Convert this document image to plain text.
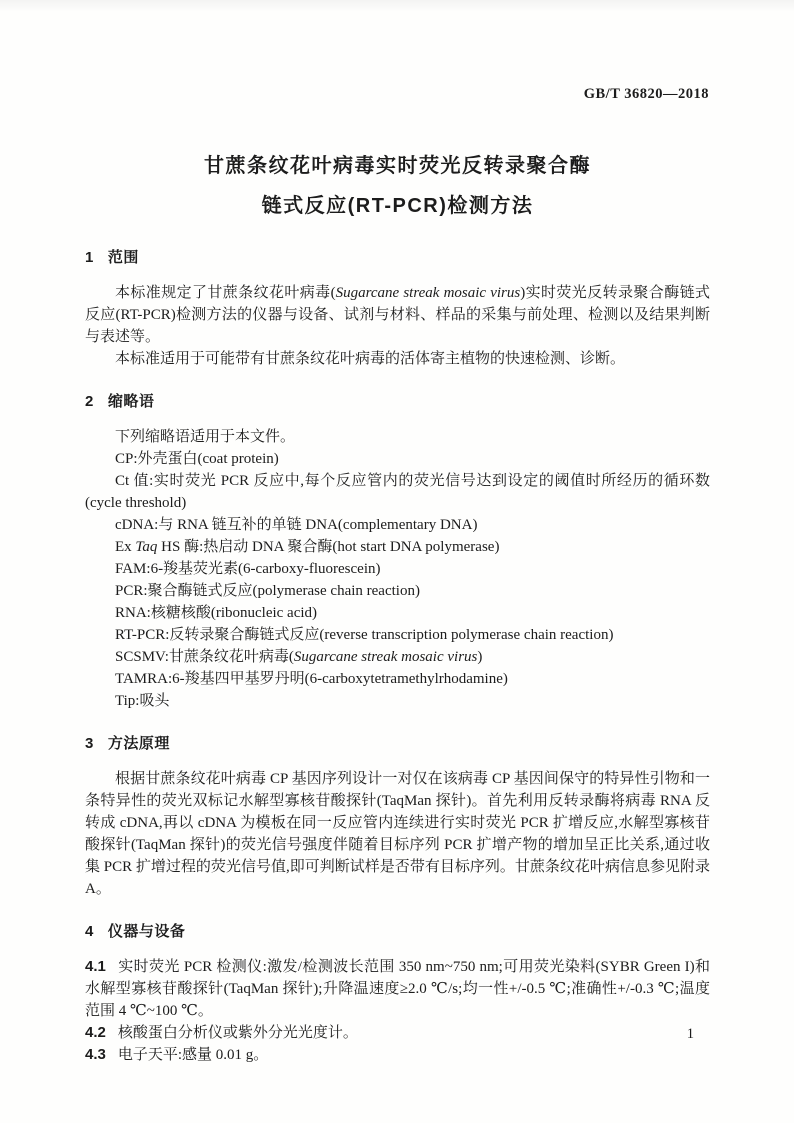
GB/T 36820—2018
甘蔗条纹花叶病毒实时荧光反转录聚合酶
链式反应(RT-PCR)检测方法
1 范围

本标准规定了甘蔗条纹花叶病毒(Sugarcane streak mosaic virus)实时荧光反转录聚合酶链式反应(RT-PCR)检测方法的仪器与设备、试剂与材料、样品的采集与前处理、检测以及结果判断与表述等。

本标准适用于可能带有甘蔗条纹花叶病毒的活体寄主植物的快速检测、诊断。

2 缩略语

下列缩略语适用于本文件。

CP:外壳蛋白(coat protein)

Ct 值:实时荧光 PCR 反应中,每个反应管内的荧光信号达到设定的阈值时所经历的循环数(cycle threshold)

cDNA:与 RNA 链互补的单链 DNA(complementary DNA)

Ex Taq HS 酶:热启动 DNA 聚合酶(hot start DNA polymerase)

FAM:6-羧基荧光素(6-carboxy-fluorescein)

PCR:聚合酶链式反应(polymerase chain reaction)

RNA:核糖核酸(ribonucleic acid)

RT-PCR:反转录聚合酶链式反应(reverse transcription polymerase chain reaction)

SCSMV:甘蔗条纹花叶病毒(Sugarcane streak mosaic virus)

TAMRA:6-羧基四甲基罗丹明(6-carboxytetramethylrhodamine)

Tip:吸头

3 方法原理

根据甘蔗条纹花叶病毒 CP 基因序列设计一对仅在该病毒 CP 基因间保守的特异性引物和一条特异性的荧光双标记水解型寡核苷酸探针(TaqMan 探针)。首先利用反转录酶将病毒 RNA 反转成 cDNA,再以 cDNA 为模板在同一反应管内连续进行实时荧光 PCR 扩增反应,水解型寡核苷酸探针(TaqMan 探针)的荧光信号强度伴随着目标序列 PCR 扩增产物的增加呈正比关系,通过收集 PCR 扩增过程的荧光信号值,即可判断试样是否带有目标序列。甘蔗条纹花叶病信息参见附录 A。

4 仪器与设备

4.1 实时荧光 PCR 检测仪:激发/检测波长范围 350 nm~750 nm;可用荧光染料(SYBR Green I)和水解型寡核苷酸探针(TaqMan 探针);升降温速度≥2.0 ℃/s;均一性+/-0.5 ℃;准确性+/-0.3 ℃;温度范围 4 ℃~100 ℃。

4.2 核酸蛋白分析仪或紫外分光光度计。

4.3 电子天平:感量 0.01 g。

1
